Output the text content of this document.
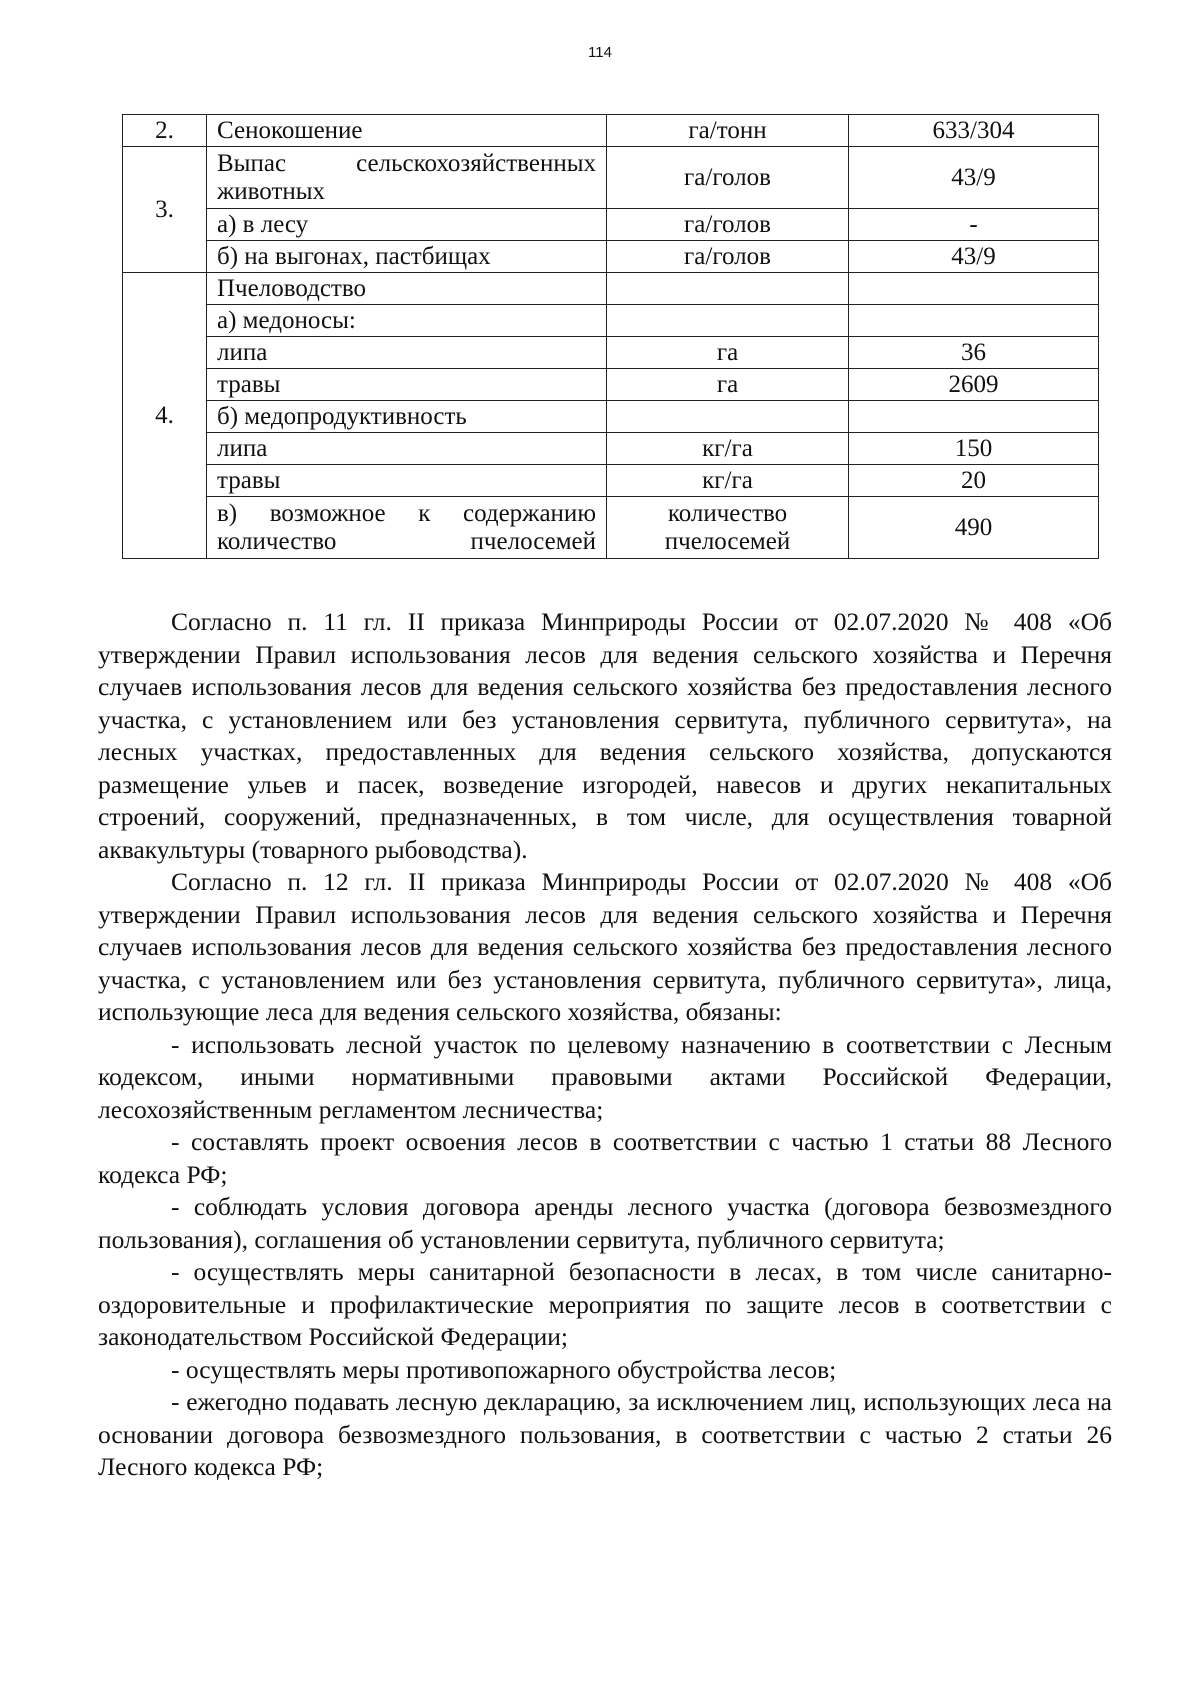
114
2.	Сенокошение	га/тонн	633/304
3.	Выпас сельскохозяйственных животных	га/голов	43/9
	а) в лесу	га/голов	-
	б) на выгонах, пастбищах	га/голов	43/9
4.	Пчеловодство		
	а) медоносы:		
	липа	га	36
	травы	га	2609
	б) медопродуктивность		
	липа	кг/га	150
	травы	кг/га	20
	в) возможное к содержанию количество пчелосемей	количество пчелосемей	490

Согласно п. 11 гл. II приказа Минприроды России от 02.07.2020 № 408 «Об утверждении Правил использования лесов для ведения сельского хозяйства и Перечня случаев использования лесов для ведения сельского хозяйства без предоставления лесного участка, с установлением или без установления сервитута, публичного сервитута», на лесных участках, предоставленных для ведения сельского хозяйства, допускаются размещение ульев и пасек, возведение изгородей, навесов и других некапитальных строений, сооружений, предназначенных, в том числе, для осуществления товарной аквакультуры (товарного рыбоводства).

Согласно п. 12 гл. II приказа Минприроды России от 02.07.2020 № 408 «Об утверждении Правил использования лесов для ведения сельского хозяйства и Перечня случаев использования лесов для ведения сельского хозяйства без предоставления лесного участка, с установлением или без установления сервитута, публичного сервитута», лица, использующие леса для ведения сельского хозяйства, обязаны:

- использовать лесной участок по целевому назначению в соответствии с Лесным кодексом, иными нормативными правовыми актами Российской Федерации, лесохозяйственным регламентом лесничества;

- составлять проект освоения лесов в соответствии с частью 1 статьи 88 Лесного кодекса РФ;

- соблюдать условия договора аренды лесного участка (договора безвозмездного пользования), соглашения об установлении сервитута, публичного сервитута;

- осуществлять меры санитарной безопасности в лесах, в том числе санитарно-оздоровительные и профилактические мероприятия по защите лесов в соответствии с законодательством Российской Федерации;

- осуществлять меры противопожарного обустройства лесов;

- ежегодно подавать лесную декларацию, за исключением лиц, использующих леса на основании договора безвозмездного пользования, в соответствии с частью 2 статьи 26 Лесного кодекса РФ;
